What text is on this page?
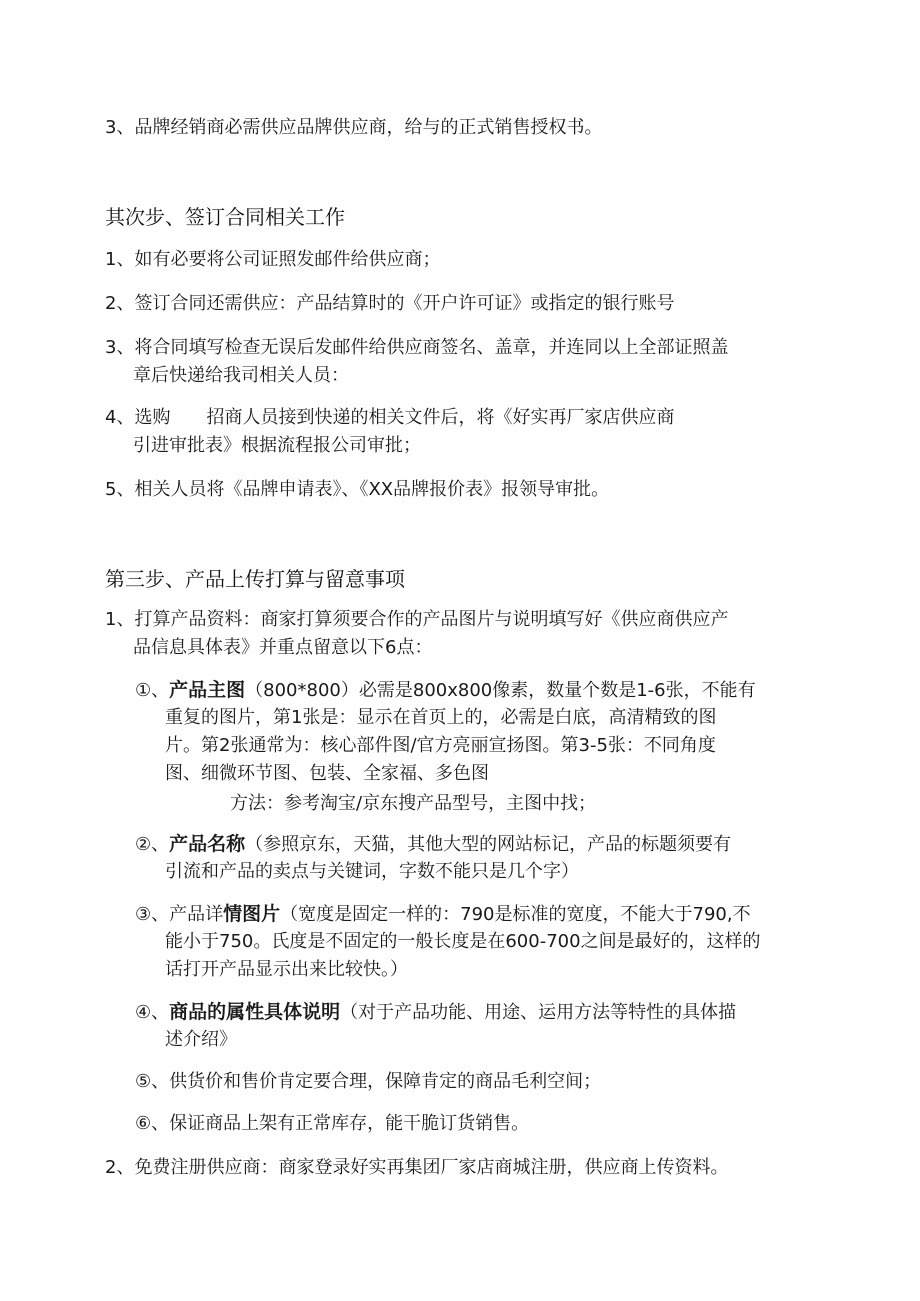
3、品牌经销商必需供应品牌供应商，给与的正式销售授权书。
其次步、签订合同相关工作
1、如有必要将公司证照发邮件给供应商；
2、签订合同还需供应：产品结算时的《开户许可证》或指定的银行账号
3、将合同填写检查无误后发邮件给供应商签名、盖章，并连同以上全部证照盖
章后快递给我司相关人员：
4、选购　　招商人员接到快递的相关文件后，将《好实再厂家店供应商
引进审批表》根据流程报公司审批；
5、相关人员将《品牌申请表》、《XX品牌报价表》报领导审批。
第三步、产品上传打算与留意事项
1、打算产品资料：商家打算须要合作的产品图片与说明填写好《供应商供应产
品信息具体表》并重点留意以下6点：
①、产品主图（800*800）必需是800x800像素，数量个数是1-6张，不能有
重复的图片，第1张是：显示在首页上的，必需是白底，高清精致的图
片。第2张通常为：核心部件图/官方亮丽宣扬图。第3-5张：不同角度
图、细微环节图、包装、全家福、多色图
方法：参考淘宝/京东搜产品型号，主图中找；
②、产品名称（参照京东，天猫，其他大型的网站标记，产品的标题须要有
引流和产品的卖点与关键词，字数不能只是几个字）
③、产品详情图片（宽度是固定一样的：790是标准的宽度，不能大于790,不
能小于750。氏度是不固定的一般长度是在600-700之间是最好的，这样的
话打开产品显示出来比较快。）
④、商品的属性具体说明（对于产品功能、用途、运用方法等特性的具体描
述介绍》
⑤、供货价和售价肯定要合理，保障肯定的商品毛利空间；
⑥、保证商品上架有正常库存，能干脆订货销售。
2、免费注册供应商：商家登录好实再集团厂家店商城注册，供应商上传资料。
